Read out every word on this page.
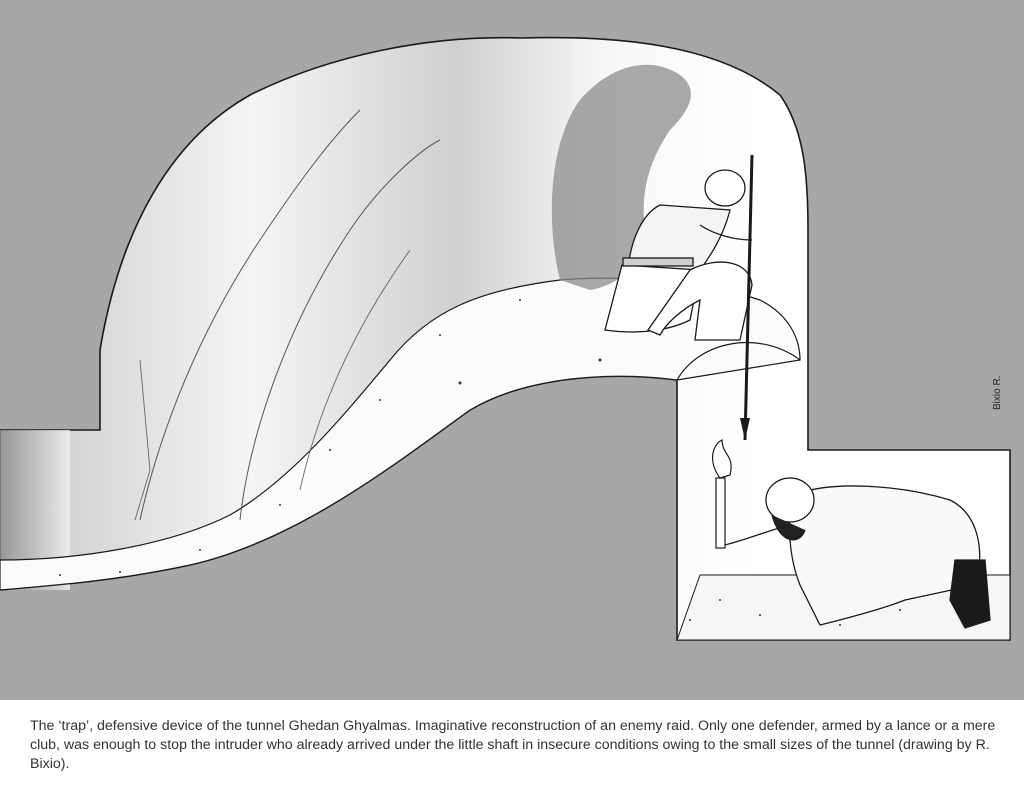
Bixio R.

The ‘trap’, defensive device of the tunnel Ghedan Ghyalmas. Imaginative reconstruction of an enemy raid. Only one defender, armed by a lance or a mere club, was enough to stop the intruder who already arrived under the little shaft in insecure conditions owing to the small sizes of the tunnel (drawing by R. Bixio).
